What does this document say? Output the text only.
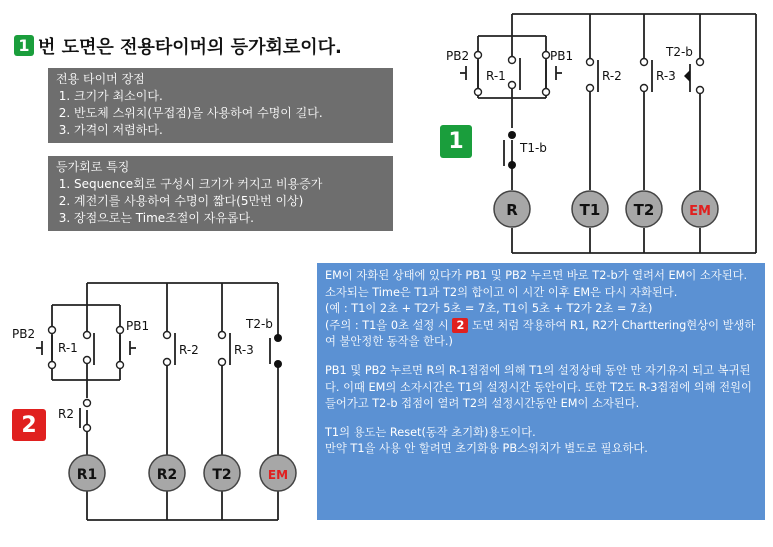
1 번 도면은 전용타이머의 등가회로이다.
전용 타이머 장점
1. 크기가 최소이다.
2. 반도체 스위치(무접점)을 사용하여 수명이 길다.
3. 가격이 저렴하다.
등가회로 특징
1. Sequence회로 구성시 크기가 커지고 비용증가
2. 계전기를 사용하여 수명이 짧다(5만번 이상)
3. 장점으로는 Time조절이 자유롭다.
PB2	PB1
R-1	R-2	R-3
T2-b
T1-b
R	T1 T2	EM
1
PB2
PB1
R-1	R-2	R-3
T2-b
R2
R1	R2	T2	EM
2

EM이 자화된 상태에 있다가 PB1 및 PB2 누르면 바로 T2-b가 열려서 EM이 소자된다.

소자되는 Time은 T1과 T2의 합이고 이 시간 이후 EM은 다시 자화된다.

(예 : T1이 2초 + T2가 5초 = 7초, T1이 5초 + T2가 2초 = 7초)

(주의 : T1을 0초 설정 시 2 도면 처럼 작용하여 R1, R2가 Charttering현상이 발생하여 불안정한 동작을 한다.)

PB1 및 PB2 누르면 R의 R-1접점에 의해 T1의 설정상태 동안 만 자기유지 되고 복귀된다. 이때 EM의 소자시간은 T1의 설정시간 동안이다. 또한 T2도 R-3접점에 의해 전원이 들어가고 T2-b 접점이 열려 T2의 설정시간동안 EM이 소자된다.

T1의 용도는 Reset(동작 초기화)용도이다.

만약 T1을 사용 안 할려면 초기화용 PB스위치가 별도로 필요하다.
